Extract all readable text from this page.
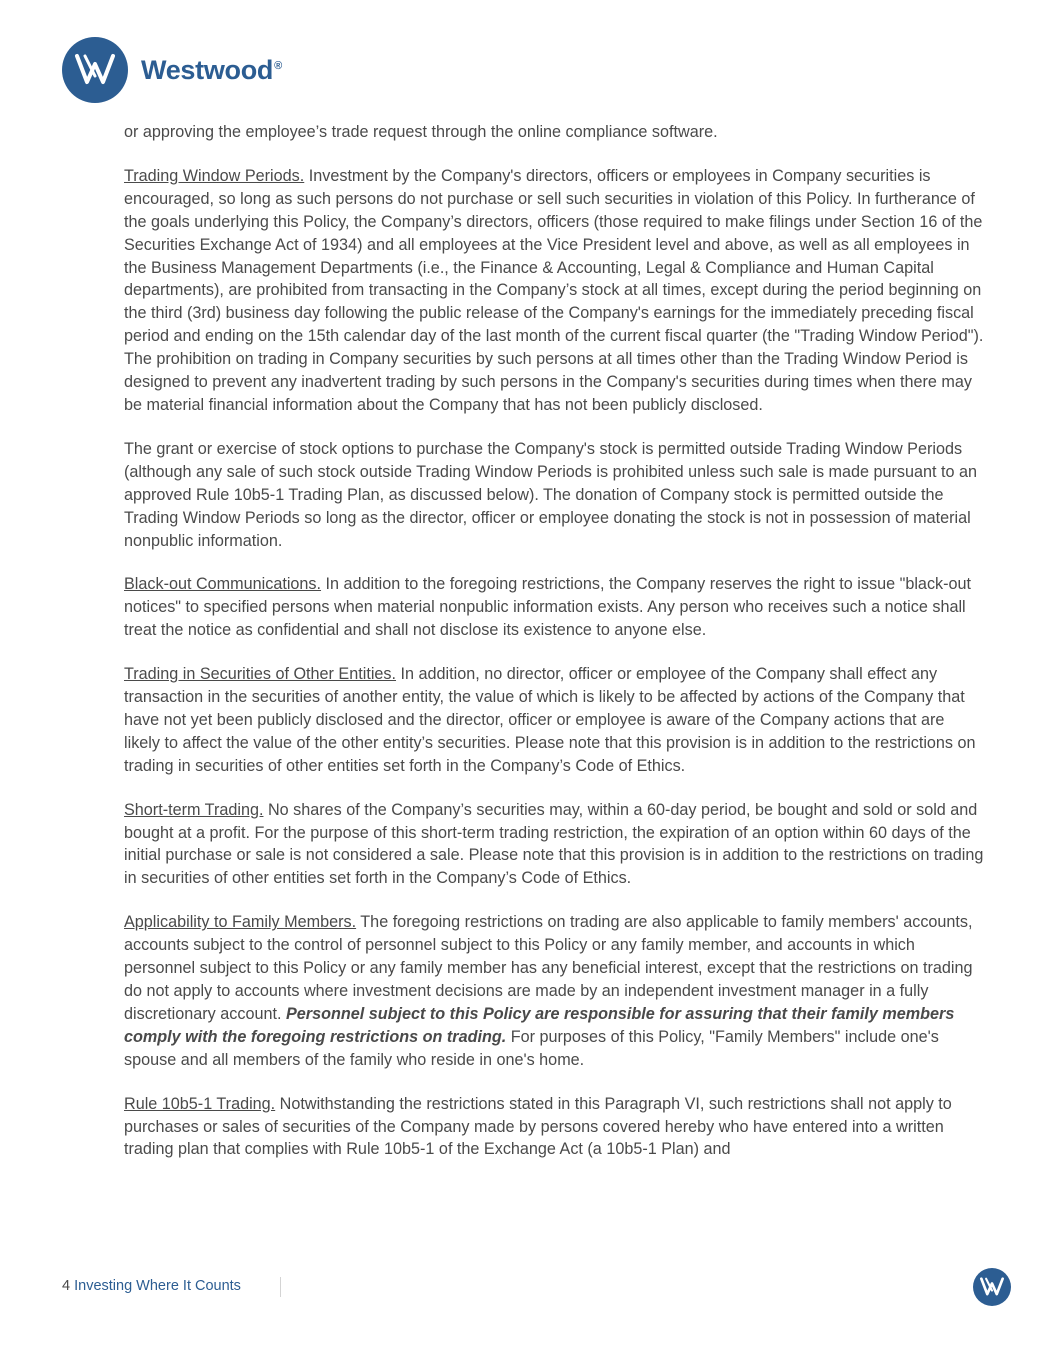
Westwood®

or approving the employee’s trade request through the online compliance software.

Trading Window Periods. Investment by the Company's directors, officers or employees in Company securities is encouraged, so long as such persons do not purchase or sell such securities in violation of this Policy. In furtherance of the goals underlying this Policy, the Company’s directors, officers (those required to make filings under Section 16 of the Securities Exchange Act of 1934) and all employees at the Vice President level and above, as well as all employees in the Business Management Departments (i.e., the Finance & Accounting, Legal & Compliance and Human Capital departments), are prohibited from transacting in the Company’s stock at all times, except during the period beginning on the third (3rd) business day following the public release of the Company's earnings for the immediately preceding fiscal period and ending on the 15th calendar day of the last month of the current fiscal quarter (the "Trading Window Period"). The prohibition on trading in Company securities by such persons at all times other than the Trading Window Period is designed to prevent any inadvertent trading by such persons in the Company's securities during times when there may be material financial information about the Company that has not been publicly disclosed.

The grant or exercise of stock options to purchase the Company's stock is permitted outside Trading Window Periods (although any sale of such stock outside Trading Window Periods is prohibited unless such sale is made pursuant to an approved Rule 10b5-1 Trading Plan, as discussed below). The donation of Company stock is permitted outside the Trading Window Periods so long as the director, officer or employee donating the stock is not in possession of material nonpublic information.

Black-out Communications. In addition to the foregoing restrictions, the Company reserves the right to issue "black-out notices" to specified persons when material nonpublic information exists. Any person who receives such a notice shall treat the notice as confidential and shall not disclose its existence to anyone else.

Trading in Securities of Other Entities. In addition, no director, officer or employee of the Company shall effect any transaction in the securities of another entity, the value of which is likely to be affected by actions of the Company that have not yet been publicly disclosed and the director, officer or employee is aware of the Company actions that are likely to affect the value of the other entity’s securities. Please note that this provision is in addition to the restrictions on trading in securities of other entities set forth in the Company’s Code of Ethics.

Short-term Trading. No shares of the Company’s securities may, within a 60-day period, be bought and sold or sold and bought at a profit. For the purpose of this short-term trading restriction, the expiration of an option within 60 days of the initial purchase or sale is not considered a sale. Please note that this provision is in addition to the restrictions on trading in securities of other entities set forth in the Company’s Code of Ethics.

Applicability to Family Members. The foregoing restrictions on trading are also applicable to family members' accounts, accounts subject to the control of personnel subject to this Policy or any family member, and accounts in which personnel subject to this Policy or any family member has any beneficial interest, except that the restrictions on trading do not apply to accounts where investment decisions are made by an independent investment manager in a fully discretionary account. Personnel subject to this Policy are responsible for assuring that their family members comply with the foregoing restrictions on trading. For purposes of this Policy, "Family Members" include one's spouse and all members of the family who reside in one's home.

Rule 10b5-1 Trading. Notwithstanding the restrictions stated in this Paragraph VI, such restrictions shall not apply to purchases or sales of securities of the Company made by persons covered hereby who have entered into a written trading plan that complies with Rule 10b5-1 of the Exchange Act (a 10b5-1 Plan) and

4 Investing Where It Counts
